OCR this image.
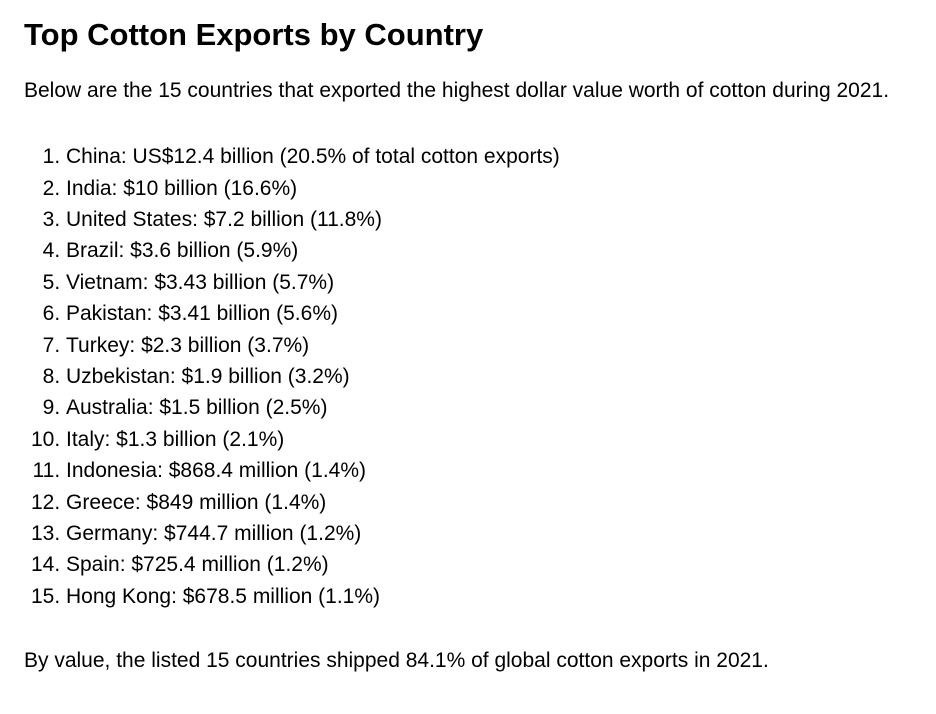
Top Cotton Exports by Country

Below are the 15 countries that exported the highest dollar value worth of cotton during 2021.

1. China: US$12.4 billion (20.5% of total cotton exports)
2. India: $10 billion (16.6%)
3. United States: $7.2 billion (11.8%)
4. Brazil: $3.6 billion (5.9%)
5. Vietnam: $3.43 billion (5.7%)
6. Pakistan: $3.41 billion (5.6%)
7. Turkey: $2.3 billion (3.7%)
8. Uzbekistan: $1.9 billion (3.2%)
9. Australia: $1.5 billion (2.5%)
10. Italy: $1.3 billion (2.1%)
11. Indonesia: $868.4 million (1.4%)
12. Greece: $849 million (1.4%)
13. Germany: $744.7 million (1.2%)
14. Spain: $725.4 million (1.2%)
15. Hong Kong: $678.5 million (1.1%)

By value, the listed 15 countries shipped 84.1% of global cotton exports in 2021.
